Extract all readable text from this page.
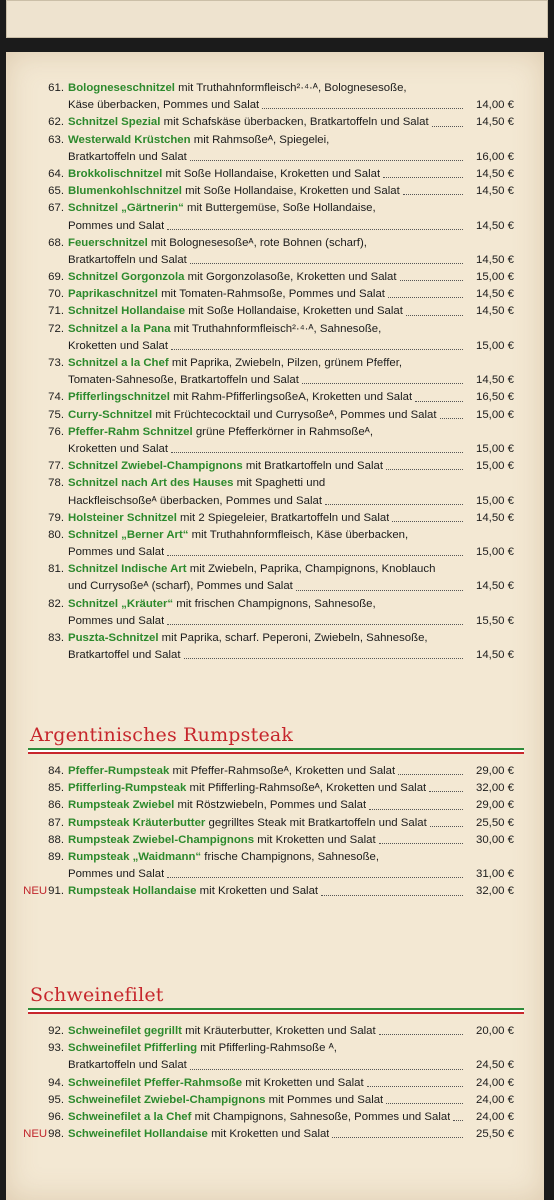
61. Bologneseschnitzel mit Truthahnformfleisch²·⁴·ᴬ, Bolognesesoße,
Käse überbacken, Pommes und Salat	14,00 €
62. Schnitzel Spezial mit Schafskäse überbacken, Bratkartoffeln und Salat	14,50 €
63. Westerwald Krüstchen mit Rahmsoßeᴬ, Spiegelei,
Bratkartoffeln und Salat	16,00 €
64. Brokkolischnitzel mit Soße Hollandaise, Kroketten und Salat	14,50 €
65. Blumenkohlschnitzel mit Soße Hollandaise, Kroketten und Salat	14,50 €
67. Schnitzel „Gärtnerin“ mit Buttergemüse, Soße Hollandaise,
Pommes und Salat	14,50 €
68. Feuerschnitzel mit Bolognesesoßeᴬ, rote Bohnen (scharf),
Bratkartoffeln und Salat	14,50 €
69. Schnitzel Gorgonzola mit Gorgonzolasoße, Kroketten und Salat	15,00 €
70. Paprikaschnitzel mit Tomaten-Rahmsoße, Pommes und Salat	14,50 €
71. Schnitzel Hollandaise mit Soße Hollandaise, Kroketten und Salat	14,50 €
72. Schnitzel a la Pana mit Truthahnformfleisch²·⁴·ᴬ, Sahnesoße,
Kroketten und Salat	15,00 €
73. Schnitzel a la Chef mit Paprika, Zwiebeln, Pilzen, grünem Pfeffer,
Tomaten-Sahnesoße, Bratkartoffeln und Salat	14,50 €
74. Pfifferlingschnitzel mit Rahm-PfifferlingsoßeA, Kroketten und Salat	16,50 €
75. Curry-Schnitzel mit Früchtecocktail und Currysoßeᴬ, Pommes und Salat	15,00 €
76. Pfeffer-Rahm Schnitzel grüne Pfefferkörner in Rahmsoßeᴬ,
Kroketten und Salat	15,00 €
77. Schnitzel Zwiebel-Champignons mit Bratkartoffeln und Salat	15,00 €
78. Schnitzel nach Art des Hauses mit Spaghetti und
Hackfleischsoßeᴬ überbacken, Pommes und Salat	15,00 €
79. Holsteiner Schnitzel mit 2 Spiegeleier, Bratkartoffeln und Salat	14,50 €
80. Schnitzel „Berner Art“ mit Truthahnformfleisch, Käse überbacken,
Pommes und Salat	15,00 €
81. Schnitzel Indische Art mit Zwiebeln, Paprika, Champignons, Knoblauch
und Currysoßeᴬ (scharf), Pommes und Salat	14,50 €
82. Schnitzel „Kräuter“ mit frischen Champignons, Sahnesoße,
Pommes und Salat	15,50 €
83. Puszta-Schnitzel mit Paprika, scharf. Peperoni, Zwiebeln, Sahnesoße,
Bratkartoffel und Salat	14,50 €
Argentinisches Rumpsteak
84. Pfeffer-Rumpsteak mit Pfeffer-Rahmsoßeᴬ, Kroketten und Salat	29,00 €
85. Pfifferling-Rumpsteak mit Pfifferling-Rahmsoßeᴬ, Kroketten und Salat	32,00 €
86. Rumpsteak Zwiebel mit Röstzwiebeln, Pommes und Salat	29,00 €
87. Rumpsteak Kräuterbutter gegrilltes Steak mit Bratkartoffeln und Salat	25,50 €
88. Rumpsteak Zwiebel-Champignons mit Kroketten und Salat	30,00 €
89. Rumpsteak „Waidmann“ frische Champignons, Sahnesoße,
Pommes und Salat	31,00 €
NEU91. Rumpsteak Hollandaise mit Kroketten und Salat	32,00 €
Schweinefilet
92. Schweinefilet gegrillt mit Kräuterbutter, Kroketten und Salat	20,00 €
93. Schweinefilet Pfifferling mit Pfifferling-Rahmsoße ᴬ,
Bratkartoffeln und Salat	24,50 €
94. Schweinefilet Pfeffer-Rahmsoße mit Kroketten und Salat	24,00 €
95. Schweinefilet Zwiebel-Champignons mit Pommes und Salat	24,00 €
96. Schweinefilet a la Chef mit Champignons, Sahnesoße, Pommes und Salat	24,00 €
NEU98. Schweinefilet Hollandaise mit Kroketten und Salat	25,50 €
